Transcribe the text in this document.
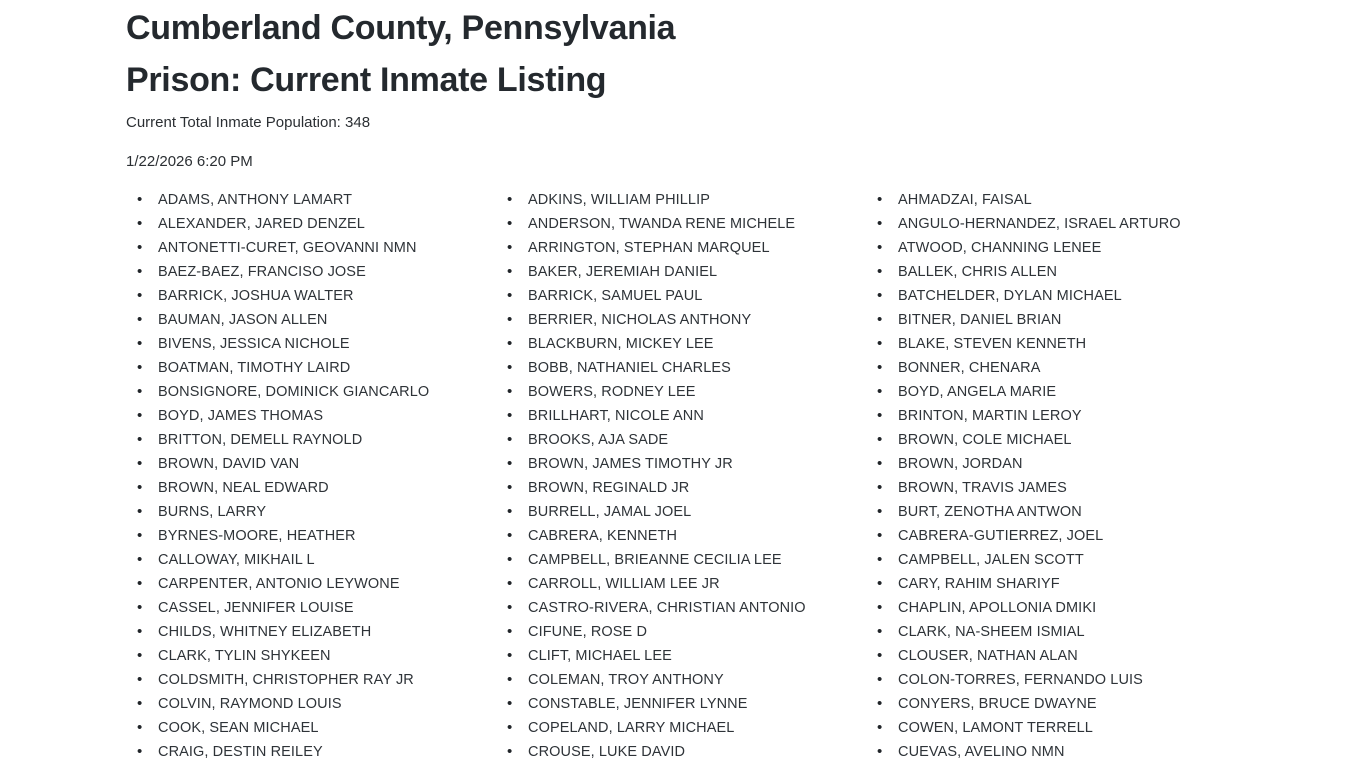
Cumberland County, Pennsylvania
Prison: Current Inmate Listing

Current Total Inmate Population: 348

1/22/2026 6:20 PM

• ADAMS, ANTHONY LAMART
• ALEXANDER, JARED DENZEL
• ANTONETTI-CURET, GEOVANNI NMN
• BAEZ-BAEZ, FRANCISO JOSE
• BARRICK, JOSHUA WALTER
• BAUMAN, JASON ALLEN
• BIVENS, JESSICA NICHOLE
• BOATMAN, TIMOTHY LAIRD
• BONSIGNORE, DOMINICK GIANCARLO
• BOYD, JAMES THOMAS
• BRITTON, DEMELL RAYNOLD
• BROWN, DAVID VAN
• BROWN, NEAL EDWARD
• BURNS, LARRY
• BYRNES-MOORE, HEATHER
• CALLOWAY, MIKHAIL L
• CARPENTER, ANTONIO LEYWONE
• CASSEL, JENNIFER LOUISE
• CHILDS, WHITNEY ELIZABETH
• CLARK, TYLIN SHYKEEN
• COLDSMITH, CHRISTOPHER RAY JR
• COLVIN, RAYMOND LOUIS
• COOK, SEAN MICHAEL
• CRAIG, DESTIN REILEY
• ADKINS, WILLIAM PHILLIP
• ANDERSON, TWANDA RENE MICHELE
• ARRINGTON, STEPHAN MARQUEL
• BAKER, JEREMIAH DANIEL
• BARRICK, SAMUEL PAUL
• BERRIER, NICHOLAS ANTHONY
• BLACKBURN, MICKEY LEE
• BOBB, NATHANIEL CHARLES
• BOWERS, RODNEY LEE
• BRILLHART, NICOLE ANN
• BROOKS, AJA SADE
• BROWN, JAMES TIMOTHY JR
• BROWN, REGINALD JR
• BURRELL, JAMAL JOEL
• CABRERA, KENNETH
• CAMPBELL, BRIEANNE CECILIA LEE
• CARROLL, WILLIAM LEE JR
• CASTRO-RIVERA, CHRISTIAN ANTONIO
• CIFUNE, ROSE D
• CLIFT, MICHAEL LEE
• COLEMAN, TROY ANTHONY
• CONSTABLE, JENNIFER LYNNE
• COPELAND, LARRY MICHAEL
• CROUSE, LUKE DAVID
• AHMADZAI, FAISAL
• ANGULO-HERNANDEZ, ISRAEL ARTURO
• ATWOOD, CHANNING LENEE
• BALLEK, CHRIS ALLEN
• BATCHELDER, DYLAN MICHAEL
• BITNER, DANIEL BRIAN
• BLAKE, STEVEN KENNETH
• BONNER, CHENARA
• BOYD, ANGELA MARIE
• BRINTON, MARTIN LEROY
• BROWN, COLE MICHAEL
• BROWN, JORDAN
• BROWN, TRAVIS JAMES
• BURT, ZENOTHA ANTWON
• CABRERA-GUTIERREZ, JOEL
• CAMPBELL, JALEN SCOTT
• CARY, RAHIM SHARIYF
• CHAPLIN, APOLLONIA DMIKI
• CLARK, NA-SHEEM ISMIAL
• CLOUSER, NATHAN ALAN
• COLON-TORRES, FERNANDO LUIS
• CONYERS, BRUCE DWAYNE
• COWEN, LAMONT TERRELL
• CUEVAS, AVELINO NMN
